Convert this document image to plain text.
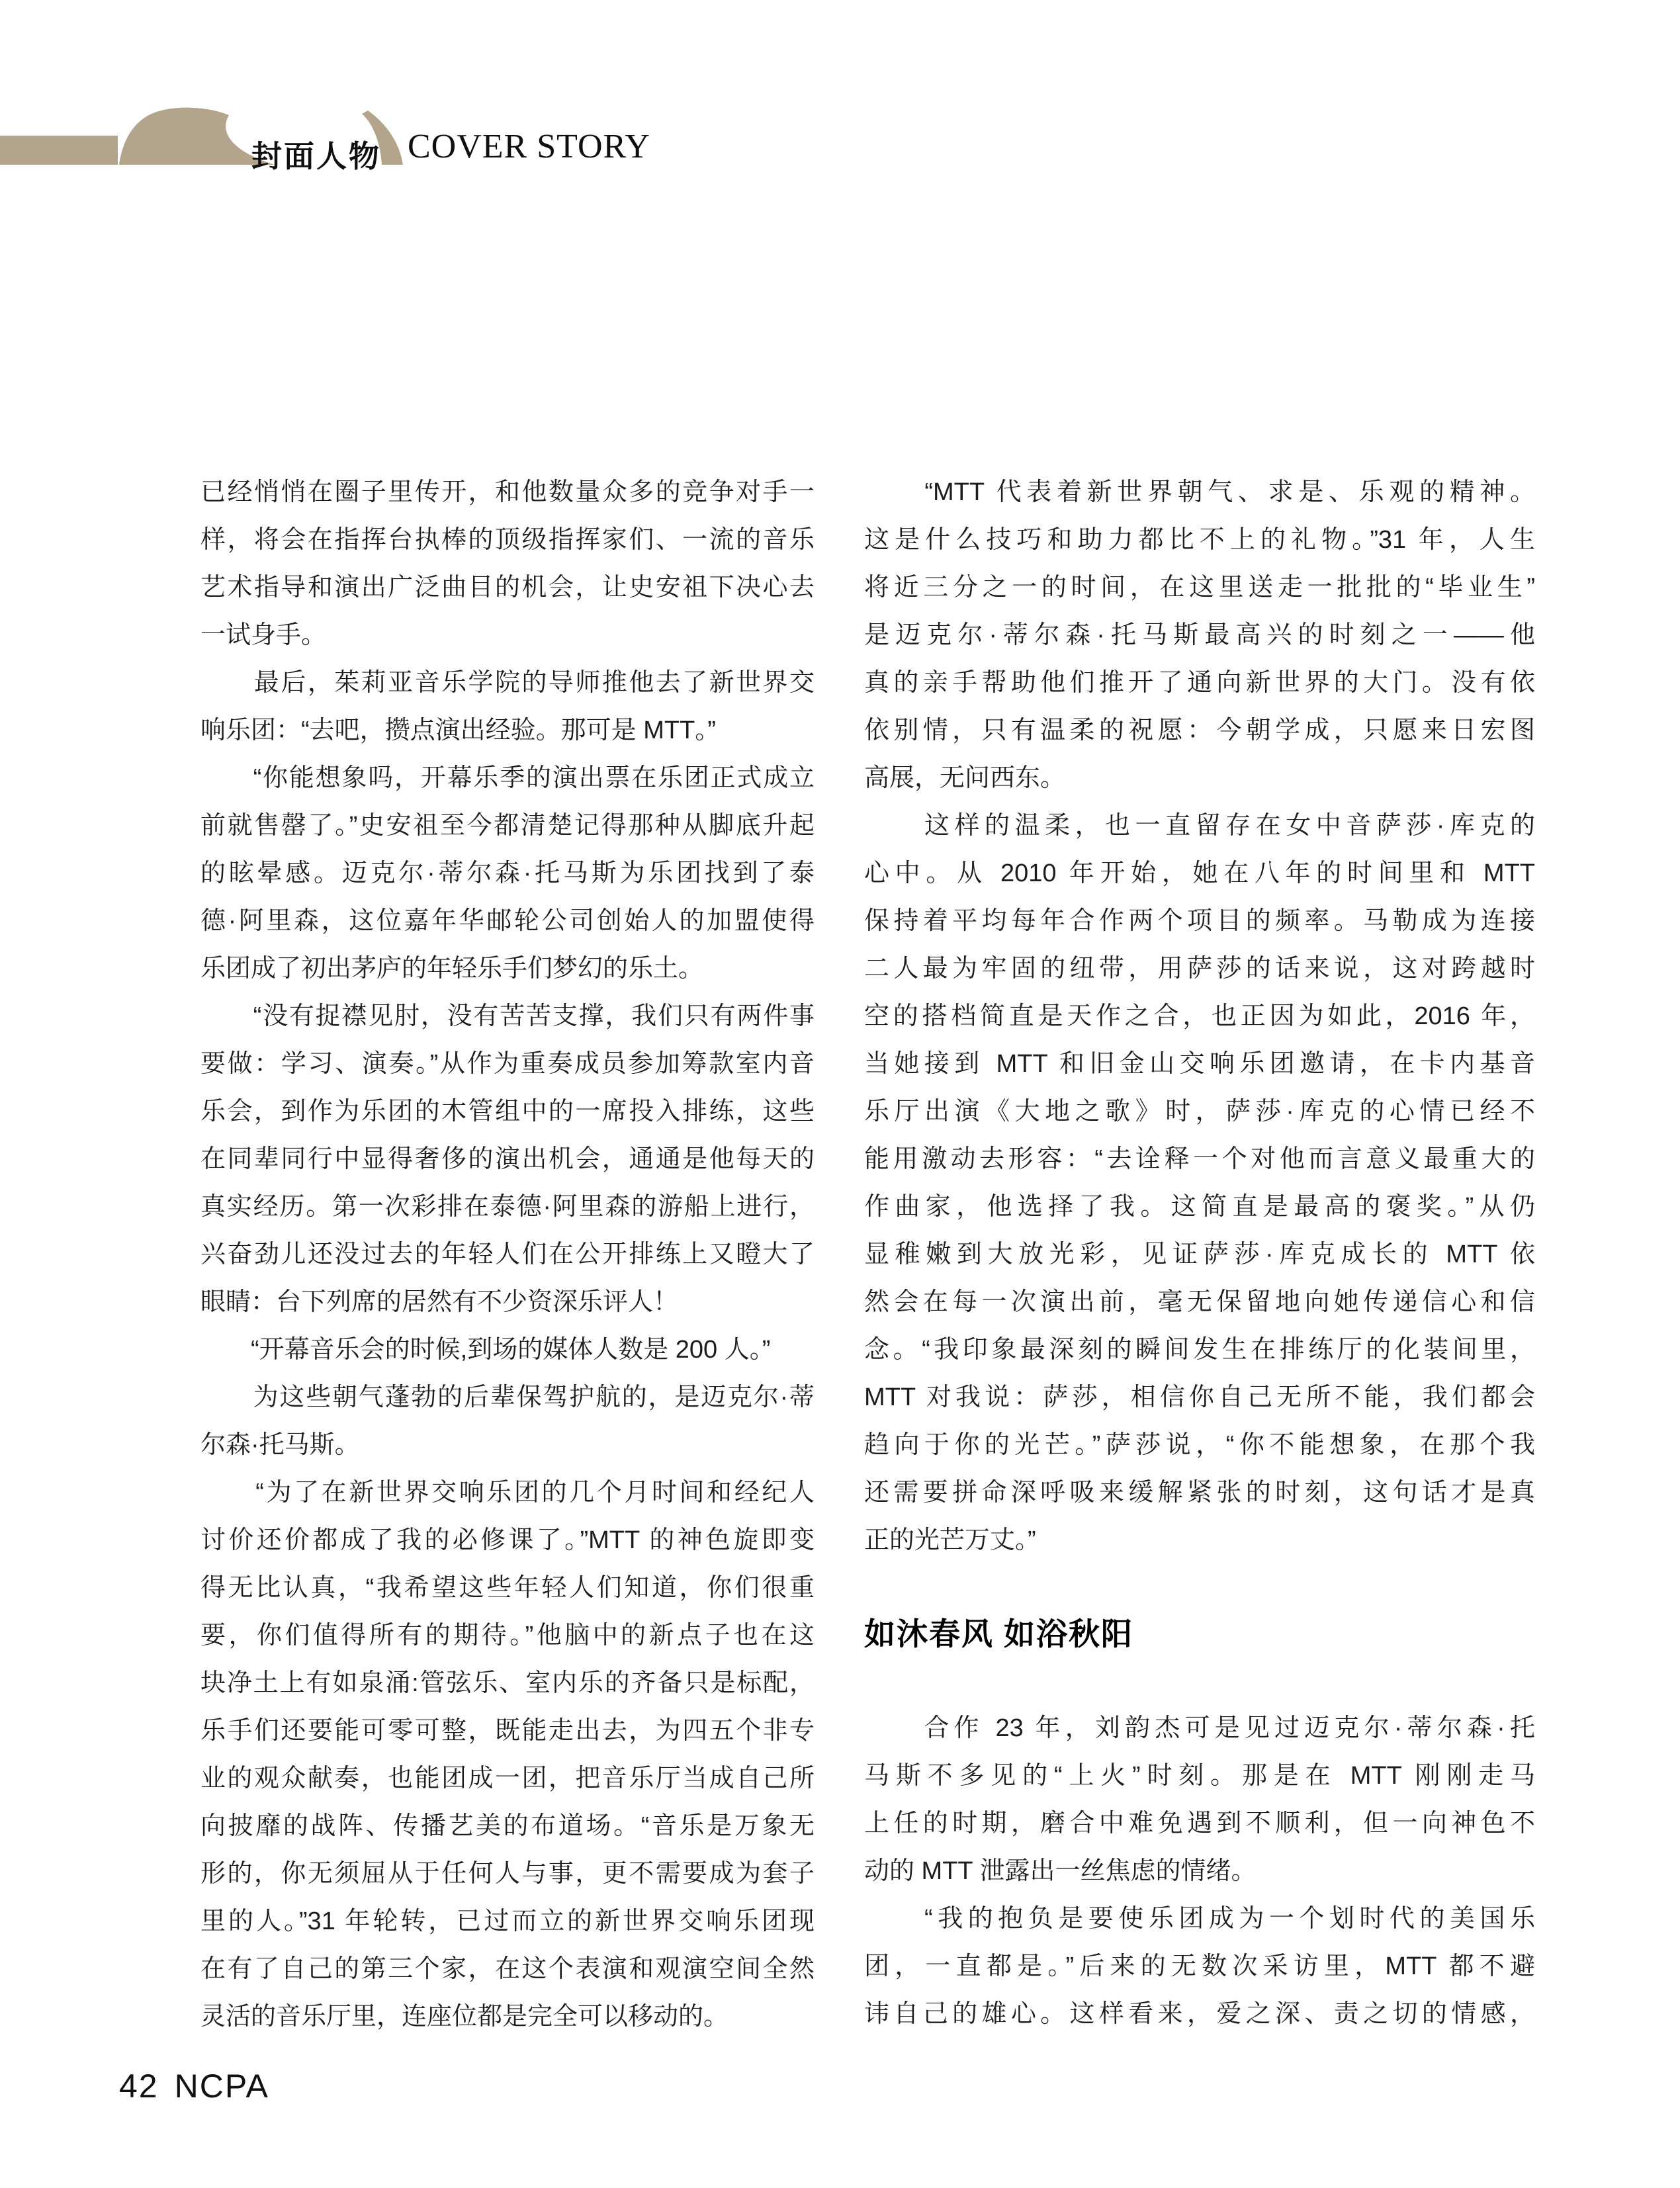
封面人物 COVER STORY
已经悄悄在圈子里传开，和他数量众多的竞争对手一
样，将会在指挥台执棒的顶级指挥家们、一流的音乐
艺术指导和演出广泛曲目的机会，让史安祖下决心去
一试身手。
　　最后，茱莉亚音乐学院的导师推他去了新世界交
响乐团：“去吧，攒点演出经验。那可是 MTT。”
　　“你能想象吗，开幕乐季的演出票在乐团正式成立
前就售罄了。”史安祖至今都清楚记得那种从脚底升起
的眩晕感。迈克尔·蒂尔森·托马斯为乐团找到了泰
德·阿里森，这位嘉年华邮轮公司创始人的加盟使得
乐团成了初出茅庐的年轻乐手们梦幻的乐土。
　　“没有捉襟见肘，没有苦苦支撑，我们只有两件事
要做：学习、演奏。”从作为重奏成员参加筹款室内音
乐会，到作为乐团的木管组中的一席投入排练，这些
在同辈同行中显得奢侈的演出机会，通通是他每天的
真实经历。第一次彩排在泰德·阿里森的游船上进行，
兴奋劲儿还没过去的年轻人们在公开排练上又瞪大了
眼睛：台下列席的居然有不少资深乐评人！
　　“开幕音乐会的时候,到场的媒体人数是 200 人。”
　　为这些朝气蓬勃的后辈保驾护航的，是迈克尔·蒂
尔森·托马斯。
　　“为了在新世界交响乐团的几个月时间和经纪人
讨价还价都成了我的必修课了。”MTT 的神色旋即变
得无比认真，“我希望这些年轻人们知道，你们很重
要，你们值得所有的期待。”他脑中的新点子也在这
块净土上有如泉涌:管弦乐、室内乐的齐备只是标配，
乐手们还要能可零可整，既能走出去，为四五个非专
业的观众献奏，也能团成一团，把音乐厅当成自己所
向披靡的战阵、传播艺美的布道场。“音乐是万象无
形的，你无须屈从于任何人与事，更不需要成为套子
里的人。”31 年轮转，已过而立的新世界交响乐团现
在有了自己的第三个家，在这个表演和观演空间全然
灵活的音乐厅里，连座位都是完全可以移动的。
　　“MTT 代表着新世界朝气、求是、乐观的精神。
这是什么技巧和助力都比不上的礼物。”31 年，人生
将近三分之一的时间，在这里送走一批批的“毕业生”
是迈克尔·蒂尔森·托马斯最高兴的时刻之一——他
真的亲手帮助他们推开了通向新世界的大门。没有依
依别情，只有温柔的祝愿：今朝学成，只愿来日宏图
高展，无问西东。
　　这样的温柔，也一直留存在女中音萨莎·库克的
心中。从 2010 年开始，她在八年的时间里和 MTT
保持着平均每年合作两个项目的频率。马勒成为连接
二人最为牢固的纽带，用萨莎的话来说，这对跨越时
空的搭档简直是天作之合，也正因为如此，2016 年，
当她接到 MTT 和旧金山交响乐团邀请，在卡内基音
乐厅出演《大地之歌》时，萨莎·库克的心情已经不
能用激动去形容：“去诠释一个对他而言意义最重大的
作曲家，他选择了我。这简直是最高的褒奖。”从仍
显稚嫩到大放光彩，见证萨莎·库克成长的 MTT 依
然会在每一次演出前，毫无保留地向她传递信心和信
念。“我印象最深刻的瞬间发生在排练厅的化装间里，
MTT 对我说：萨莎，相信你自己无所不能，我们都会
趋向于你的光芒。”萨莎说，“你不能想象，在那个我
还需要拼命深呼吸来缓解紧张的时刻，这句话才是真
正的光芒万丈。”
如沐春风 如浴秋阳
　　合作 23 年，刘韵杰可是见过迈克尔·蒂尔森·托
马斯不多见的“上火”时刻。那是在 MTT 刚刚走马
上任的时期，磨合中难免遇到不顺利，但一向神色不
动的 MTT 泄露出一丝焦虑的情绪。
　　“我的抱负是要使乐团成为一个划时代的美国乐
团，一直都是。”后来的无数次采访里，MTT 都不避
讳自己的雄心。这样看来，爱之深、责之切的情感，
42 NCPA
